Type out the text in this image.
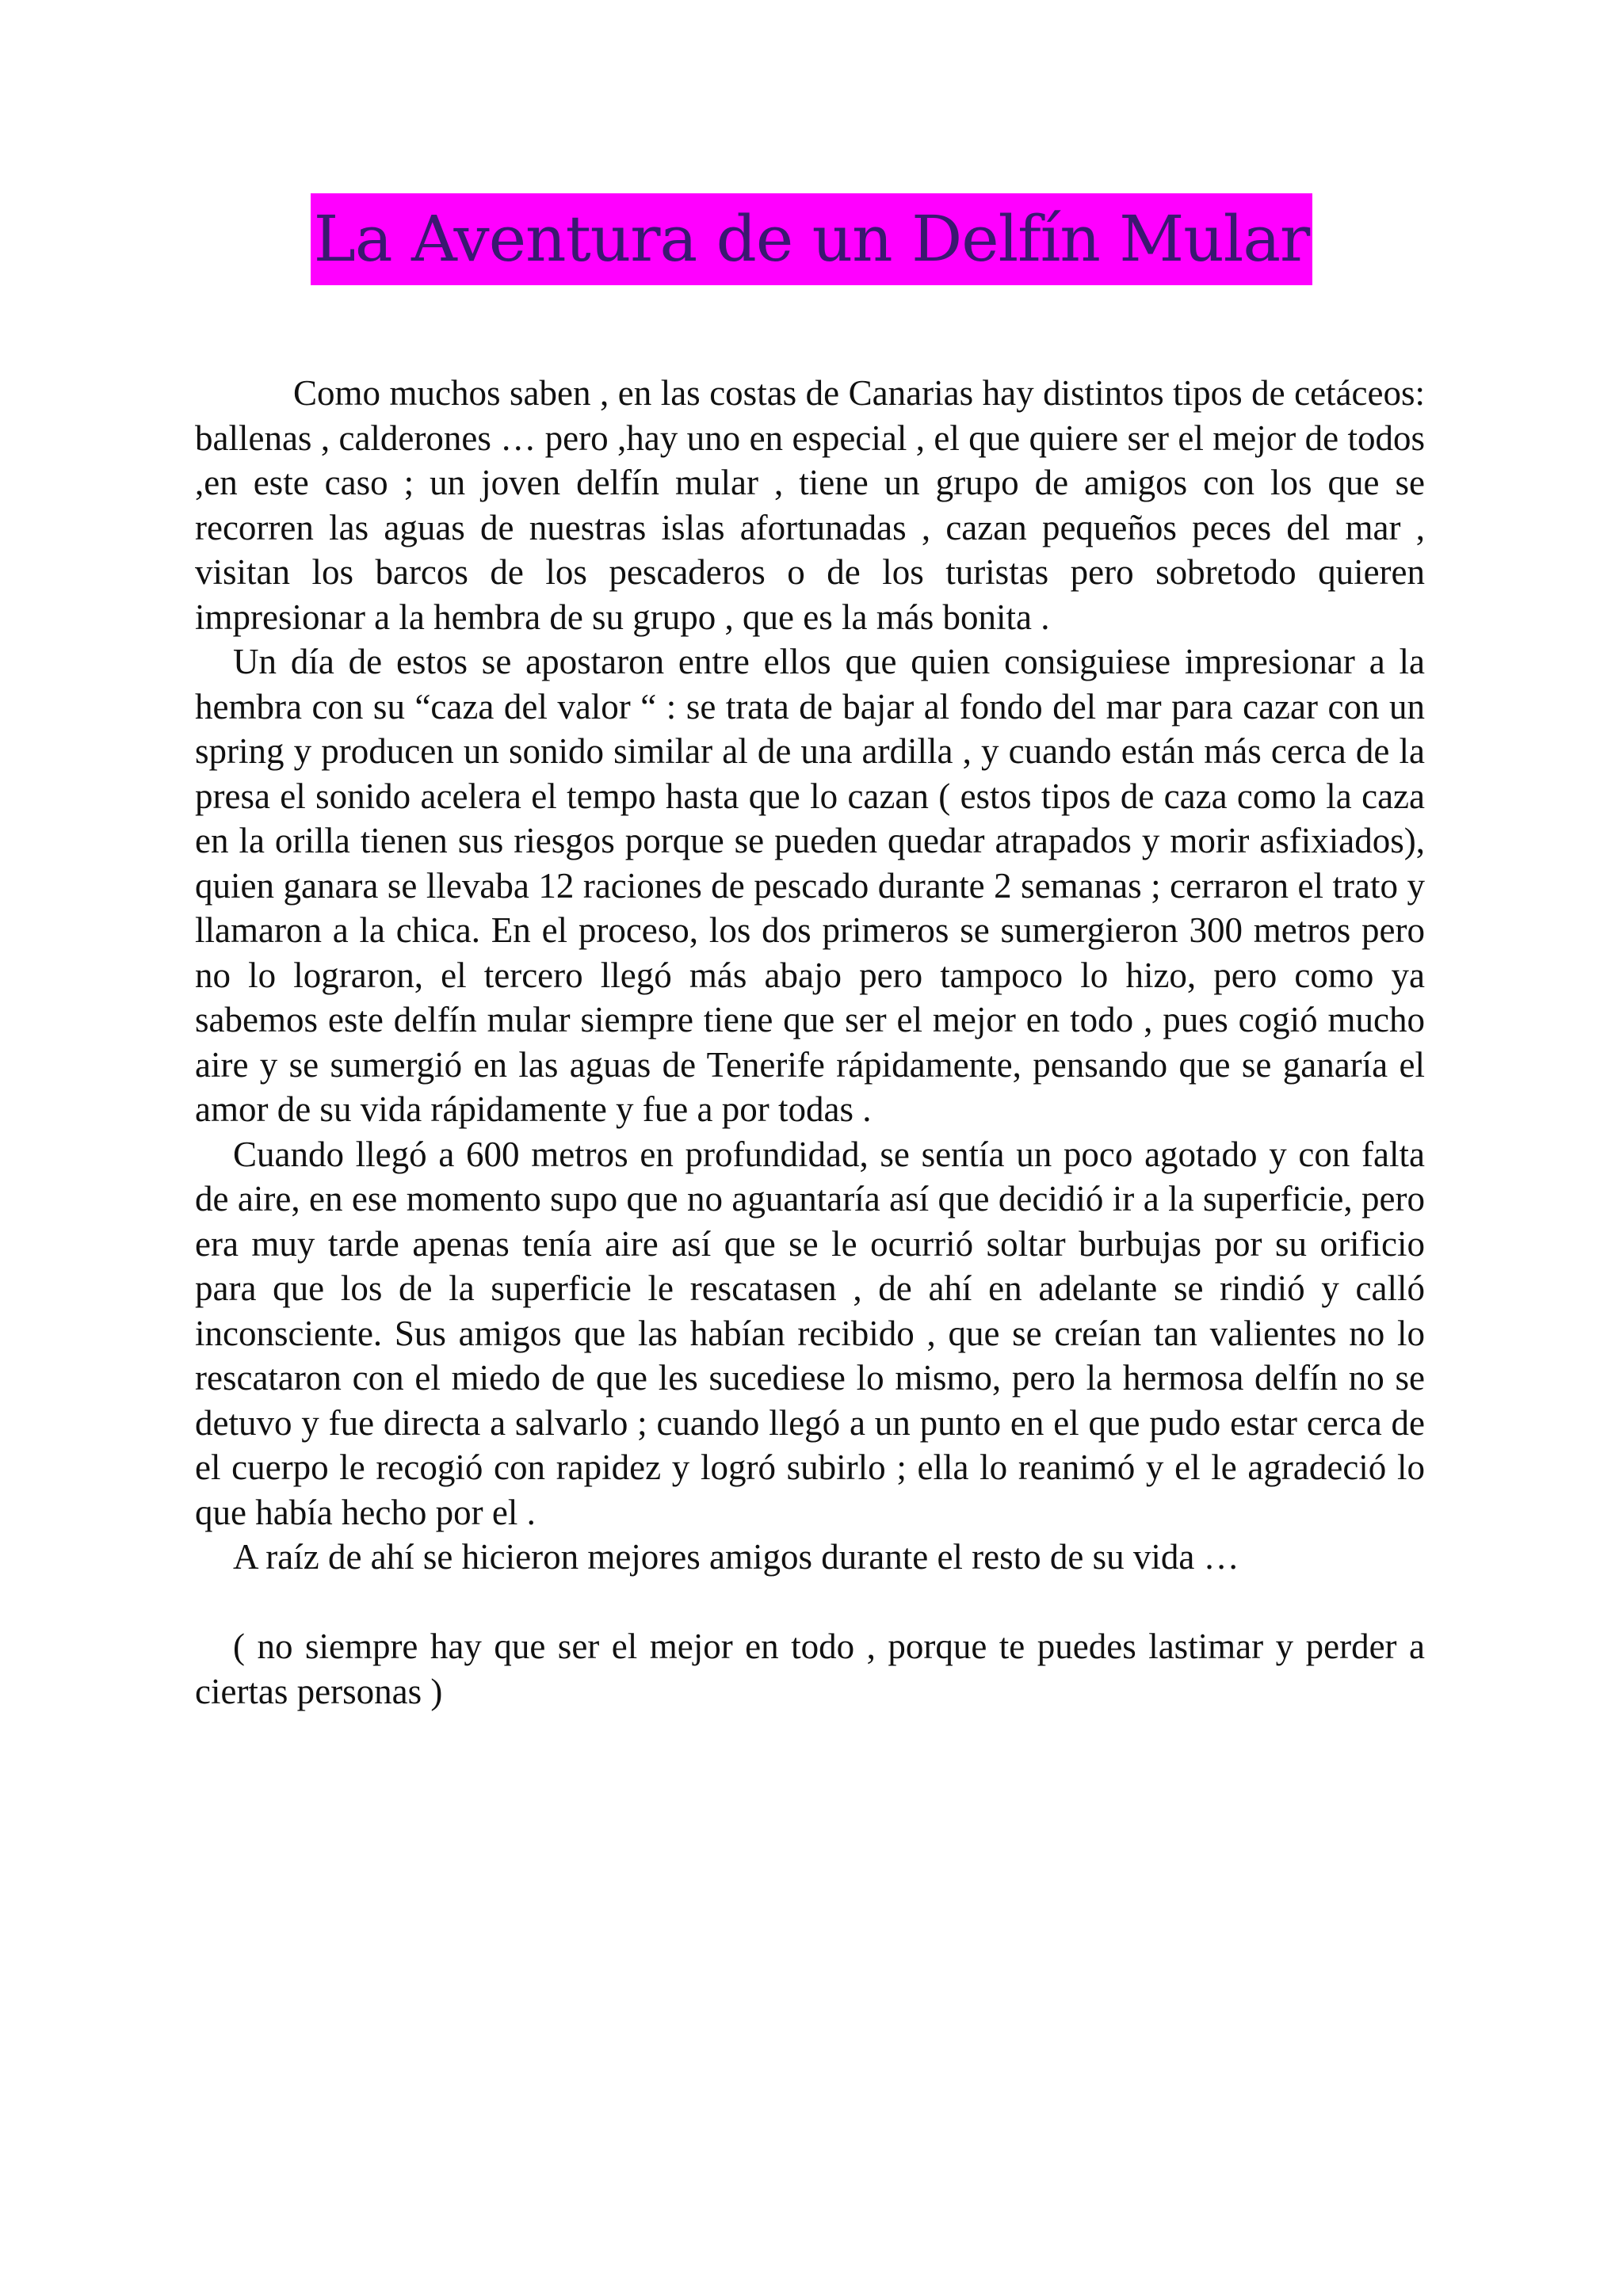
La Aventura de un Delfín Mular

Como muchos saben , en las costas de Canarias hay distintos tipos de cetáceos: ballenas , calderones … pero ,hay uno en especial , el que quiere ser el mejor de todos ,en este caso ; un joven delfín mular , tiene un grupo de amigos con los que se recorren las aguas de nuestras islas afortunadas , cazan pequeños peces del mar , visitan los barcos de los pescaderos o de los turistas pero sobretodo quieren impresionar a la hembra de su grupo , que es la más bonita .

Un día de estos se apostaron entre ellos que quien consiguiese impresionar a la hembra con su “caza del valor “ : se trata de bajar al fondo del mar para cazar con un spring y producen un sonido similar al de una ardilla , y cuando están más cerca de la presa el sonido acelera el tempo hasta que lo cazan ( estos tipos de caza como la caza en la orilla tienen sus riesgos porque se pueden quedar atrapados y morir asfixiados), quien ganara se llevaba 12 raciones de pescado durante 2 semanas ; cerraron el trato y llamaron a la chica. En el proceso, los dos primeros se sumergieron 300 metros pero no lo lograron, el tercero llegó más abajo pero tampoco lo hizo, pero como ya sabemos este delfín mular siempre tiene que ser el mejor en todo , pues cogió mucho aire y se sumergió en las aguas de Tenerife rápidamente, pensando que se ganaría el amor de su vida rápidamente y fue a por todas .

Cuando llegó a 600 metros en profundidad, se sentía un poco agotado y con falta de aire, en ese momento supo que no aguantaría así que decidió ir a la superficie, pero era muy tarde apenas tenía aire así que se le ocurrió soltar burbujas por su orificio para que los de la superficie le rescatasen , de ahí en adelante se rindió y calló inconsciente. Sus amigos que las habían recibido , que se creían tan valientes no lo rescataron con el miedo de que les sucediese lo mismo, pero la hermosa delfín no se detuvo y fue directa a salvarlo ; cuando llegó a un punto en el que pudo estar cerca de el cuerpo le recogió con rapidez y logró subirlo ; ella lo reanimó y el le agradeció lo que había hecho por el .

A raíz de ahí se hicieron mejores amigos durante el resto de su vida …

( no siempre hay que ser el mejor en todo , porque te puedes lastimar y perder a ciertas personas )
